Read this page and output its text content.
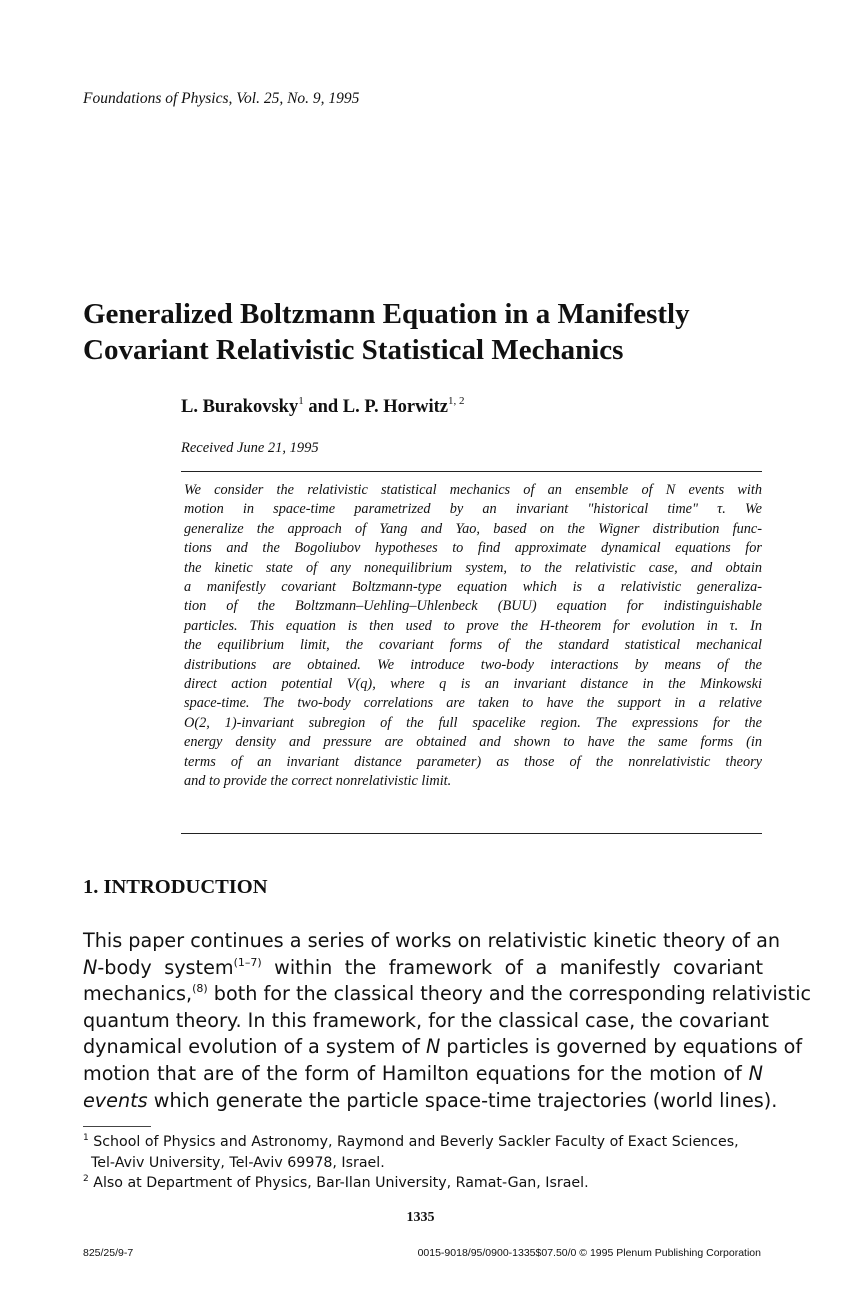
Foundations of Physics, Vol. 25, No. 9, 1995
Generalized Boltzmann Equation in a Manifestly
Covariant Relativistic Statistical Mechanics
L. Burakovsky$^1$ and L. P. Horwitz$^{1, 2}$
Received June 21, 1995
We consider the relativistic statistical mechanics of an ensemble of N events with
motion in space-time parametrized by an invariant "historical time" τ. We
generalize the approach of Yang and Yao, based on the Wigner distribution func-
tions and the Bogoliubov hypotheses to find approximate dynamical equations for
the kinetic state of any nonequilibrium system, to the relativistic case, and obtain
a manifestly covariant Boltzmann-type equation which is a relativistic generaliza-
tion of the Boltzmann–Uehling–Uhlenbeck (BUU) equation for indistinguishable
particles. This equation is then used to prove the H-theorem for evolution in τ. In
the equilibrium limit, the covariant forms of the standard statistical mechanical
distributions are obtained. We introduce two-body interactions by means of the
direct action potential V(q), where q is an invariant distance in the Minkowski
space-time. The two-body correlations are taken to have the support in a relative
O(2, 1)-invariant subregion of the full spacelike region. The expressions for the
energy density and pressure are obtained and shown to have the same forms (in
terms of an invariant distance parameter) as those of the nonrelativistic theory
and to provide the correct nonrelativistic limit.
1. INTRODUCTION
This paper continues a series of works on relativistic kinetic theory of an
N-body system$^{(1-7)}$ within the framework of a manifestly covariant
mechanics,$^{(8)}$ both for the classical theory and the corresponding relativistic
quantum theory. In this framework, for the classical case, the covariant
dynamical evolution of a system of N particles is governed by equations of
motion that are of the form of Hamilton equations for the motion of N
events which generate the particle space-time trajectories (world lines).
$^1$ School of Physics and Astronomy, Raymond and Beverly Sackler Faculty of Exact Sciences,
Tel-Aviv University, Tel-Aviv 69978, Israel.
$^2$ Also at Department of Physics, Bar-Ilan University, Ramat-Gan, Israel.
1335
825/25/9-7	0015-9018/95/0900-1335$07.50/0 © 1995 Plenum Publishing Corporation
